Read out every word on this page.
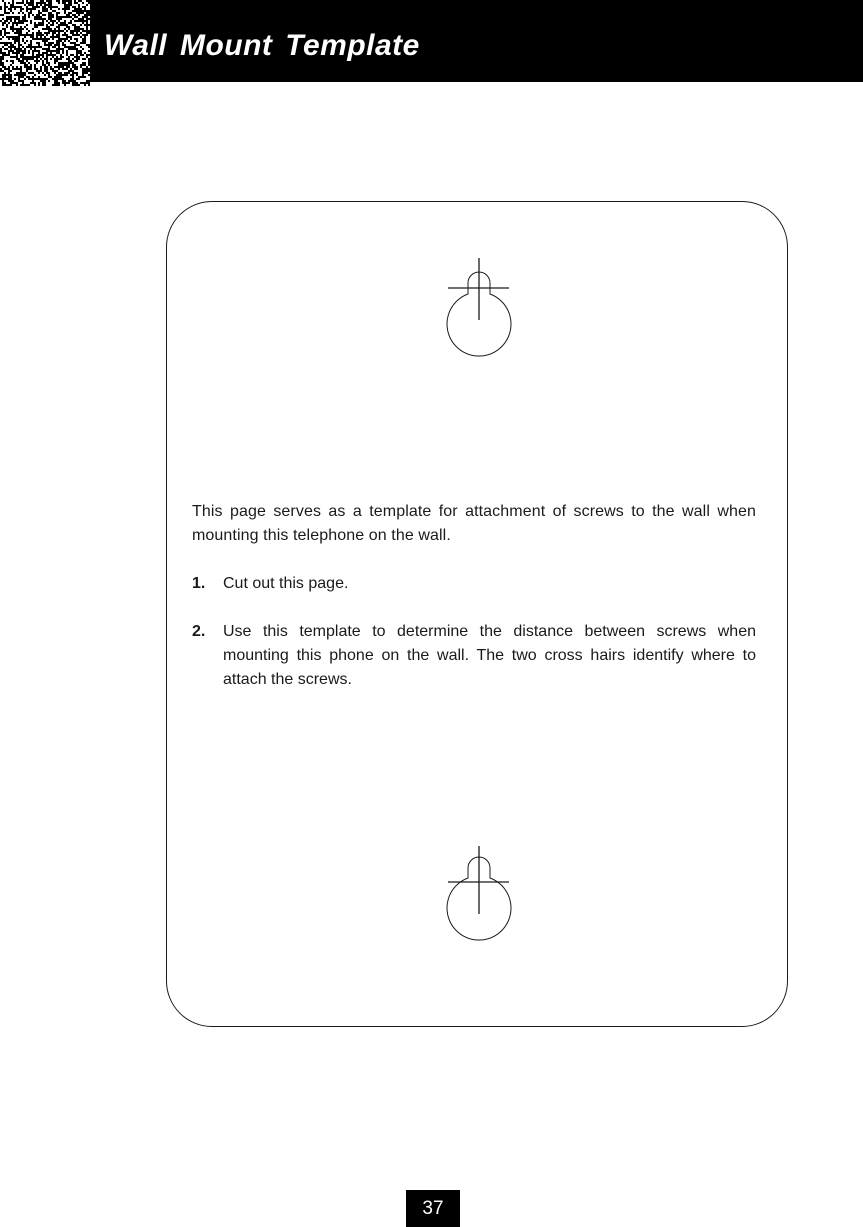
Wall Mount Template

This page serves as a template for attachment of screws to the wall when mounting this telephone on the wall.

1.	Cut out this page.
2.	Use this template to determine the distance between screws when mounting this phone on the wall. The two cross hairs identify where to attach the screws.
37
